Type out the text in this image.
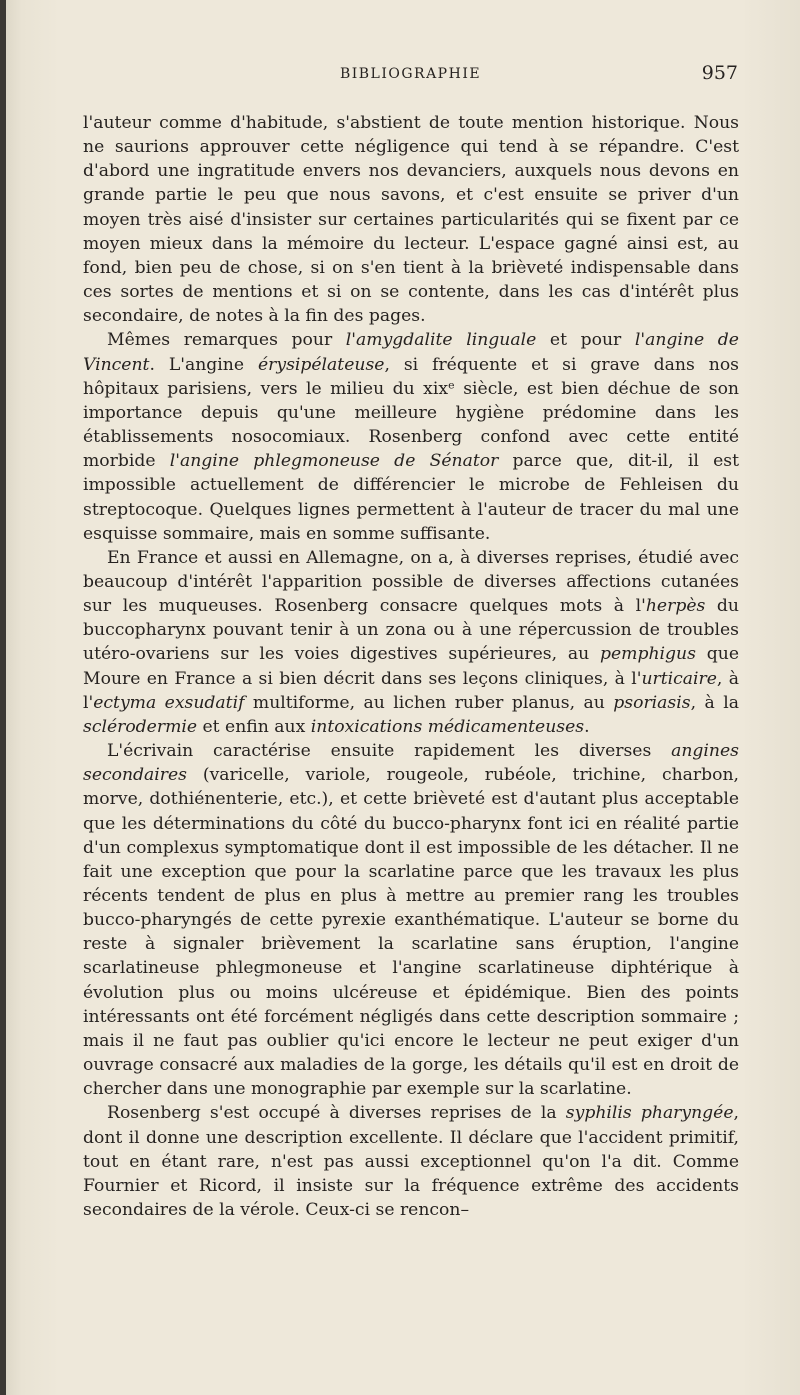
BIBLIOGRAPHIE	957

l'auteur comme d'habitude, s'abstient de toute mention historique. Nous ne saurions approuver cette négligence qui tend à se répandre. C'est d'abord une ingratitude envers nos devanciers, auxquels nous devons en grande partie le peu que nous savons, et c'est ensuite se priver d'un moyen très aisé d'insister sur certaines particularités qui se fixent par ce moyen mieux dans la mémoire du lecteur. L'espace gagné ainsi est, au fond, bien peu de chose, si on s'en tient à la brièveté indispensable dans ces sortes de mentions et si on se contente, dans les cas d'intérêt plus secondaire, de notes à la fin des pages.

Mêmes remarques pour l'amygdalite linguale et pour l'angine de Vincent. L'angine érysipélateuse, si fréquente et si grave dans nos hôpitaux parisiens, vers le milieu du xixᵉ siècle, est bien déchue de son importance depuis qu'une meilleure hygiène prédomine dans les établissements nosocomiaux. Rosenberg confond avec cette entité morbide l'angine phlegmoneuse de Sénator parce que, dit-il, il est impossible actuellement de différencier le microbe de Fehleisen du streptocoque. Quelques lignes permettent à l'auteur de tracer du mal une esquisse sommaire, mais en somme suffisante.

En France et aussi en Allemagne, on a, à diverses reprises, étudié avec beaucoup d'intérêt l'apparition possible de diverses affections cutanées sur les muqueuses. Rosenberg consacre quelques mots à l'herpès du buccopharynx pouvant tenir à un zona ou à une répercussion de troubles utéro-ovariens sur les voies digestives supérieures, au pemphigus que Moure en France a si bien décrit dans ses leçons cliniques, à l'urticaire, à l'ectyma exsudatif multiforme, au lichen ruber planus, au psoriasis, à la sclérodermie et enfin aux intoxications médicamenteuses.

L'écrivain caractérise ensuite rapidement les diverses angines secondaires (varicelle, variole, rougeole, rubéole, trichine, charbon, morve, dothiénenterie, etc.), et cette brièveté est d'autant plus acceptable que les déterminations du côté du bucco-pharynx font ici en réalité partie d'un complexus symptomatique dont il est impossible de les détacher. Il ne fait une exception que pour la scarlatine parce que les travaux les plus récents tendent de plus en plus à mettre au premier rang les troubles bucco-pharyngés de cette pyrexie exanthématique. L'auteur se borne du reste à signaler brièvement la scarlatine sans éruption, l'angine scarlatineuse phlegmoneuse et l'angine scarlatineuse diphtérique à évolution plus ou moins ulcéreuse et épidémique. Bien des points intéressants ont été forcément négligés dans cette description sommaire ; mais il ne faut pas oublier qu'ici encore le lecteur ne peut exiger d'un ouvrage consacré aux maladies de la gorge, les détails qu'il est en droit de chercher dans une monographie par exemple sur la scarlatine.

Rosenberg s'est occupé à diverses reprises de la syphilis pharyngée, dont il donne une description excellente. Il déclare que l'accident primitif, tout en étant rare, n'est pas aussi exceptionnel qu'on l'a dit. Comme Fournier et Ricord, il insiste sur la fréquence extrême des accidents secondaires de la vérole. Ceux-ci se rencon–
